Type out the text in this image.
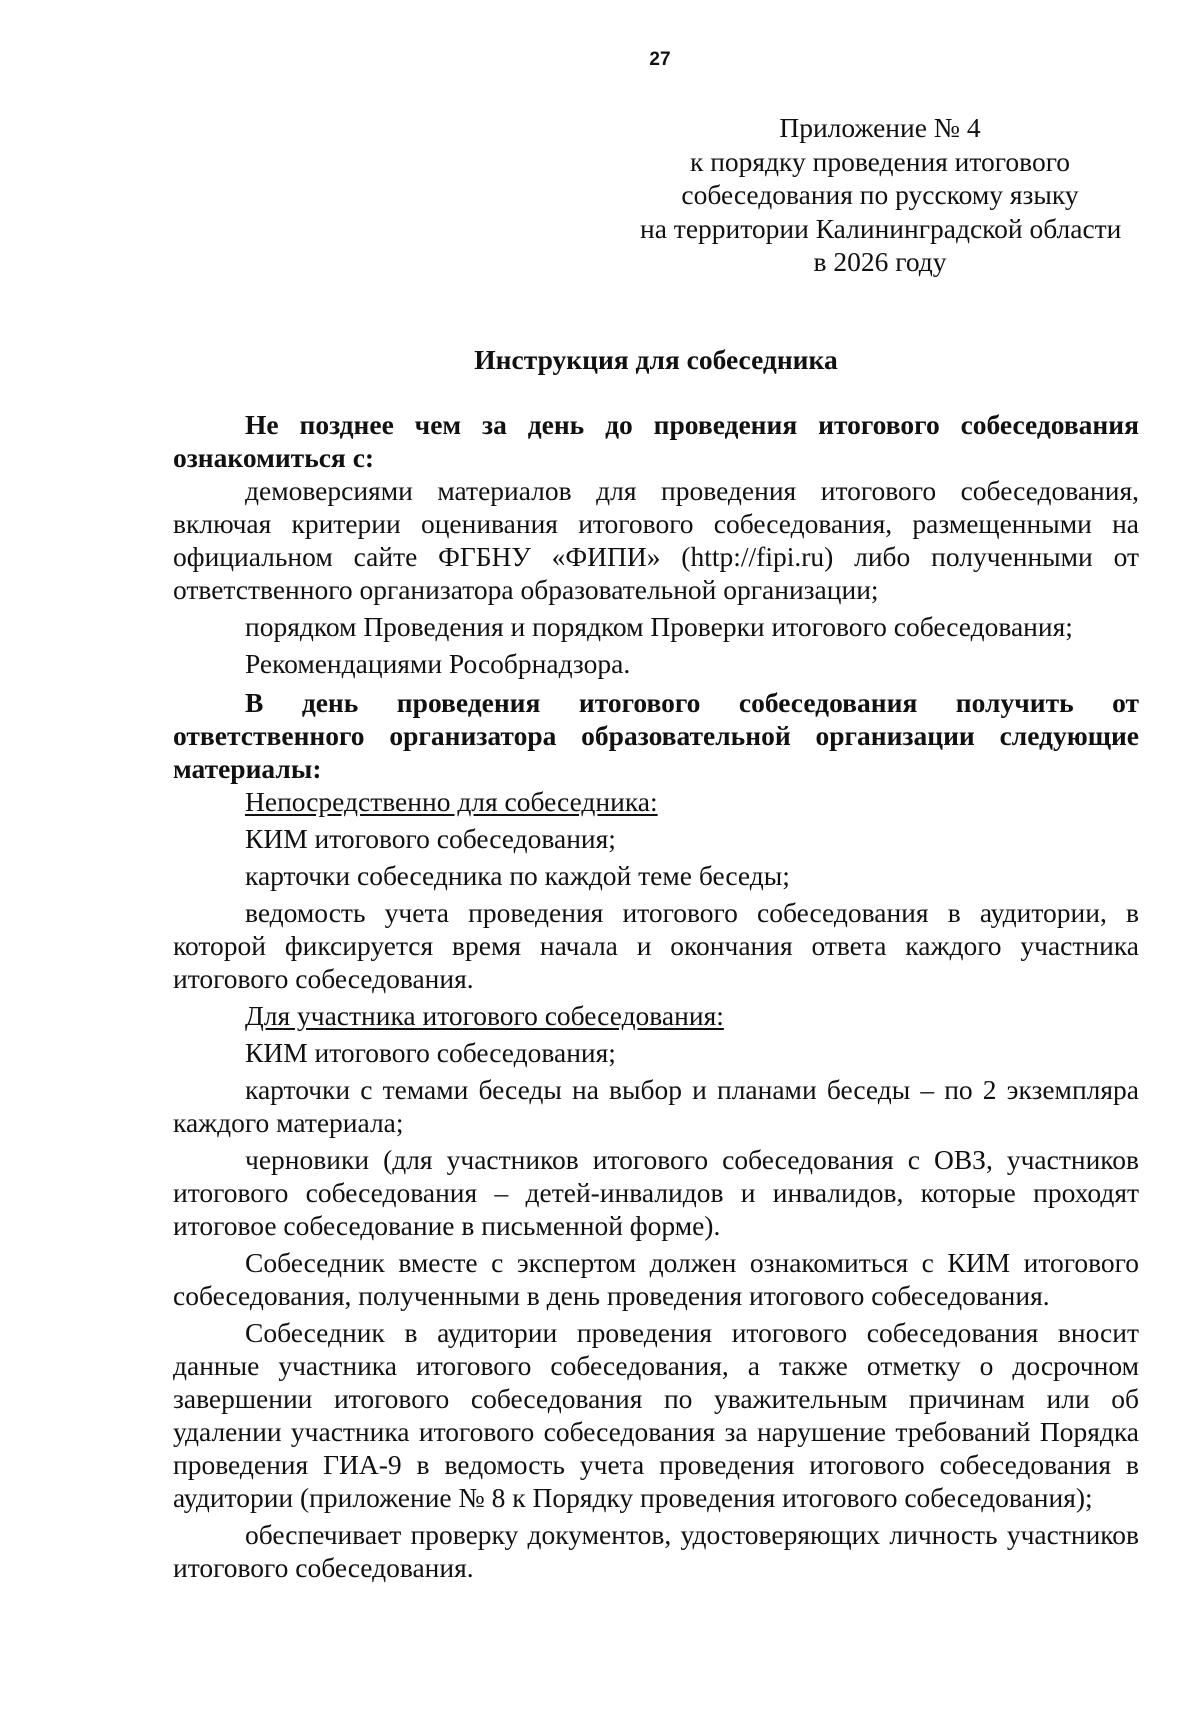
27
Приложение № 4
к порядку проведения итогового
собеседования по русскому языку
на территории Калининградской области
в 2026 году
Инструкция для собеседника

Не позднее чем за день до проведения итогового собеседования ознакомиться с:

демоверсиями материалов для проведения итогового собеседования, включая критерии оценивания итогового собеседования, размещенными на официальном сайте ФГБНУ «ФИПИ» (http://fipi.ru) либо полученными от ответственного организатора образовательной организации;

порядком Проведения и порядком Проверки итогового собеседования;

Рекомендациями Рособрнадзора.

В день проведения итогового собеседования получить от ответственного организатора образовательной организации следующие материалы:

Непосредственно для собеседника:

КИМ итогового собеседования;

карточки собеседника по каждой теме беседы;

ведомость учета проведения итогового собеседования в аудитории, в которой фиксируется время начала и окончания ответа каждого участника итогового собеседования.

Для участника итогового собеседования:

КИМ итогового собеседования;

карточки с темами беседы на выбор и планами беседы – по 2 экземпляра каждого материала;

черновики (для участников итогового собеседования с ОВЗ, участников итогового собеседования – детей-инвалидов и инвалидов, которые проходят итоговое собеседование в письменной форме).

Собеседник вместе с экспертом должен ознакомиться с КИМ итогового собеседования, полученными в день проведения итогового собеседования.

Собеседник в аудитории проведения итогового собеседования вносит данные участника итогового собеседования, а также отметку о досрочном завершении итогового собеседования по уважительным причинам или об удалении участника итогового собеседования за нарушение требований Порядка проведения ГИА-9 в ведомость учета проведения итогового собеседования в аудитории (приложение № 8 к Порядку проведения итогового собеседования);

обеспечивает проверку документов, удостоверяющих личность участников итогового собеседования.
